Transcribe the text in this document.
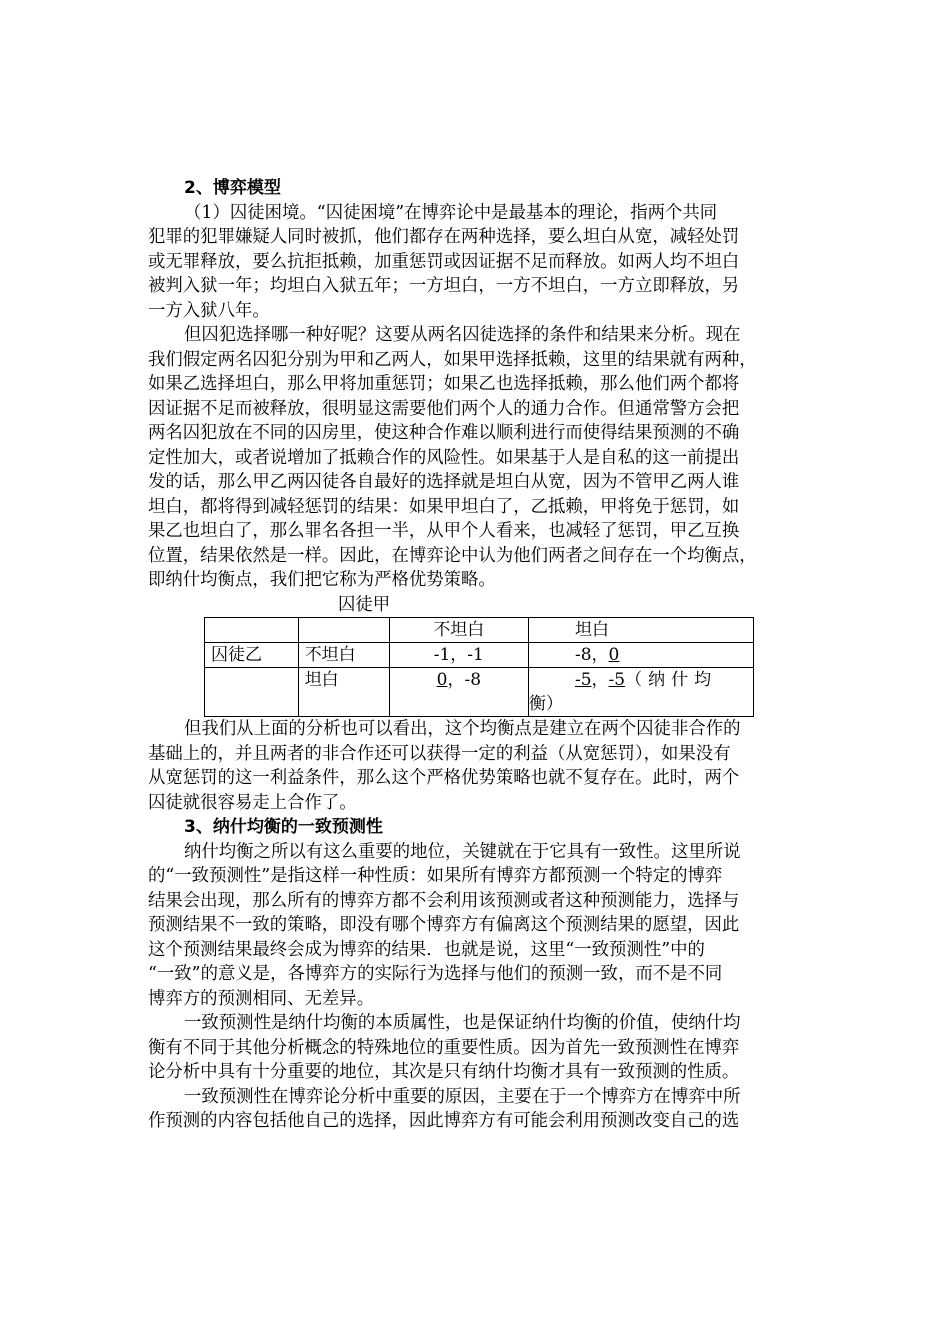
2、博弈模型
（1）囚徒困境。“囚徒困境”在博弈论中是最基本的理论，指两个共同
犯罪的犯罪嫌疑人同时被抓，他们都存在两种选择，要么坦白从宽，减轻处罚
或无罪释放，要么抗拒抵赖，加重惩罚或因证据不足而释放。如两人均不坦白
被判入狱一年；均坦白入狱五年；一方坦白，一方不坦白，一方立即释放，另
一方入狱八年。
但囚犯选择哪一种好呢？这要从两名囚徒选择的条件和结果来分析。现在
我们假定两名囚犯分别为甲和乙两人，如果甲选择抵赖，这里的结果就有两种，
如果乙选择坦白，那么甲将加重惩罚；如果乙也选择抵赖，那么他们两个都将
因证据不足而被释放，很明显这需要他们两个人的通力合作。但通常警方会把
两名囚犯放在不同的囚房里，使这种合作难以顺利进行而使得结果预测的不确
定性加大，或者说增加了抵赖合作的风险性。如果基于人是自私的这一前提出
发的话，那么甲乙两囚徒各自最好的选择就是坦白从宽，因为不管甲乙两人谁
坦白，都将得到减轻惩罚的结果：如果甲坦白了，乙抵赖，甲将免于惩罚，如
果乙也坦白了，那么罪名各担一半，从甲个人看来，也减轻了惩罚，甲乙互换
位置，结果依然是一样。因此，在博弈论中认为他们两者之间存在一个均衡点，
即纳什均衡点，我们把它称为严格优势策略。
囚徒甲
		不坦白	坦白
囚徒乙	不坦白	-1，-1	-8，0
	坦白	0，-8	-5，-5（纳什均
衡）
但我们从上面的分析也可以看出，这个均衡点是建立在两个囚徒非合作的
基础上的，并且两者的非合作还可以获得一定的利益（从宽惩罚），如果没有
从宽惩罚的这一利益条件，那么这个严格优势策略也就不复存在。此时，两个
囚徒就很容易走上合作了。
3、纳什均衡的一致预测性
纳什均衡之所以有这么重要的地位，关键就在于它具有一致性。这里所说
的“一致预测性”是指这样一种性质：如果所有博弈方都预测一个特定的博弈
结果会出现，那么所有的博弈方都不会利用该预测或者这种预测能力，选择与
预测结果不一致的策略，即没有哪个博弈方有偏离这个预测结果的愿望，因此
这个预测结果最终会成为博弈的结果．也就是说，这里“一致预测性”中的
“一致”的意义是，各博弈方的实际行为选择与他们的预测一致，而不是不同
博弈方的预测相同、无差异。
一致预测性是纳什均衡的本质属性，也是保证纳什均衡的价值，使纳什均
衡有不同于其他分析概念的特殊地位的重要性质。因为首先一致预测性在博弈
论分析中具有十分重要的地位，其次是只有纳什均衡才具有一致预测的性质。
一致预测性在博弈论分析中重要的原因，主要在于一个博弈方在博弈中所
作预测的内容包括他自己的选择，因此博弈方有可能会利用预测改变自己的选
